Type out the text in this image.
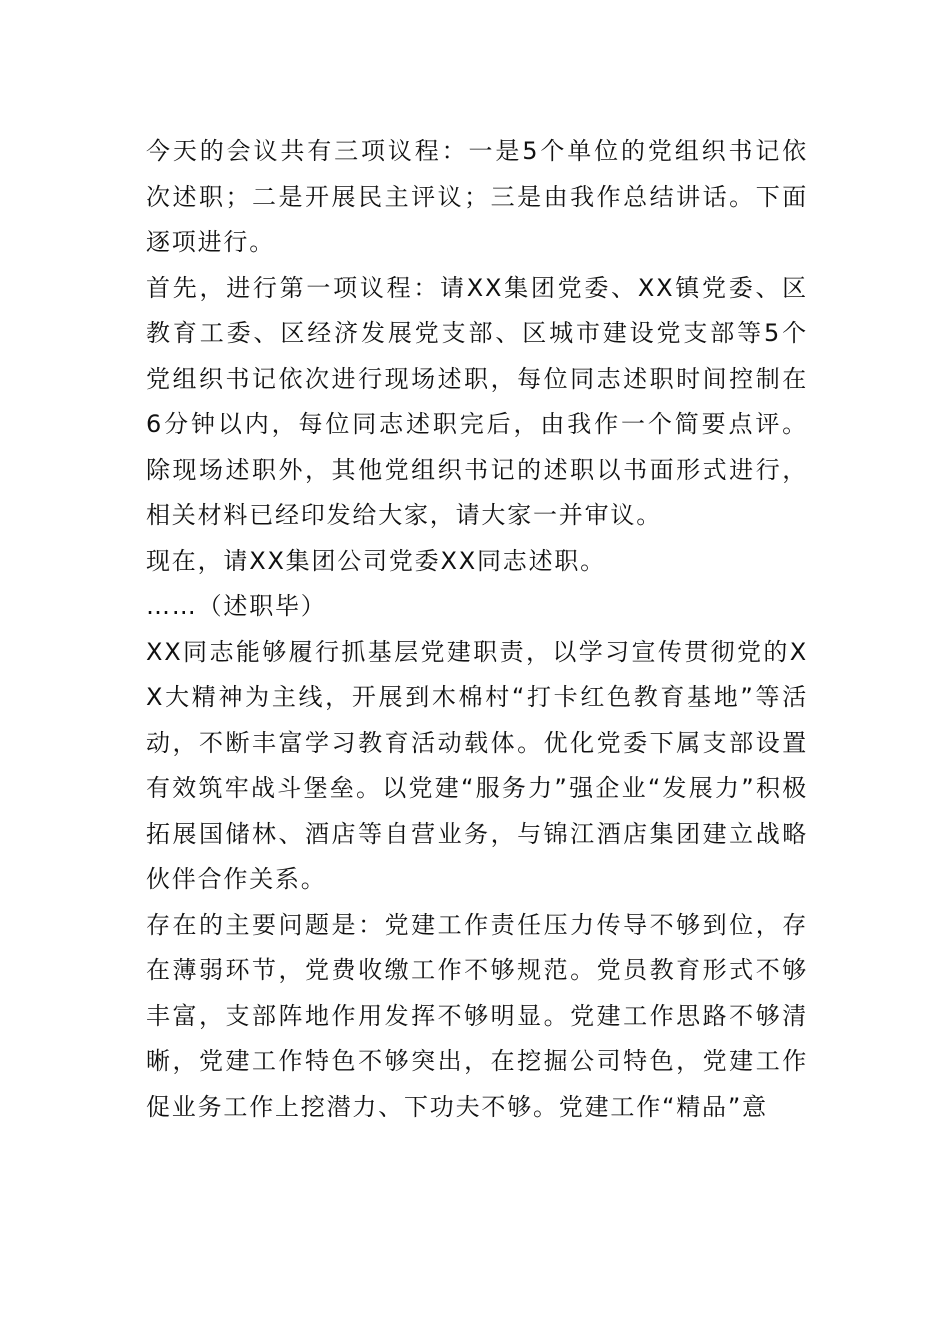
今天的会议共有三项议程：一是5个单位的党组织书记依次述职；二是开展民主评议；三是由我作总结讲话。下面逐项进行。

首先，进行第一项议程：请XX集团党委、XX镇党委、区教育工委、区经济发展党支部、区城市建设党支部等5个党组织书记依次进行现场述职，每位同志述职时间控制在6分钟以内，每位同志述职完后，由我作一个简要点评。除现场述职外，其他党组织书记的述职以书面形式进行，相关材料已经印发给大家，请大家一并审议。

现在，请XX集团公司党委XX同志述职。

……（述职毕）

XX同志能够履行抓基层党建职责，以学习宣传贯彻党的XX大精神为主线，开展到木棉村“打卡红色教育基地”等活动，不断丰富学习教育活动载体。优化党委下属支部设置有效筑牢战斗堡垒。以党建“服务力”强企业“发展力”积极拓展国储林、酒店等自营业务，与锦江酒店集团建立战略伙伴合作关系。

存在的主要问题是：党建工作责任压力传导不够到位，存在薄弱环节，党费收缴工作不够规范。党员教育形式不够丰富，支部阵地作用发挥不够明显。党建工作思路不够清晰，党建工作特色不够突出，在挖掘公司特色，党建工作促业务工作上挖潜力、下功夫不够。党建工作“精品”意
